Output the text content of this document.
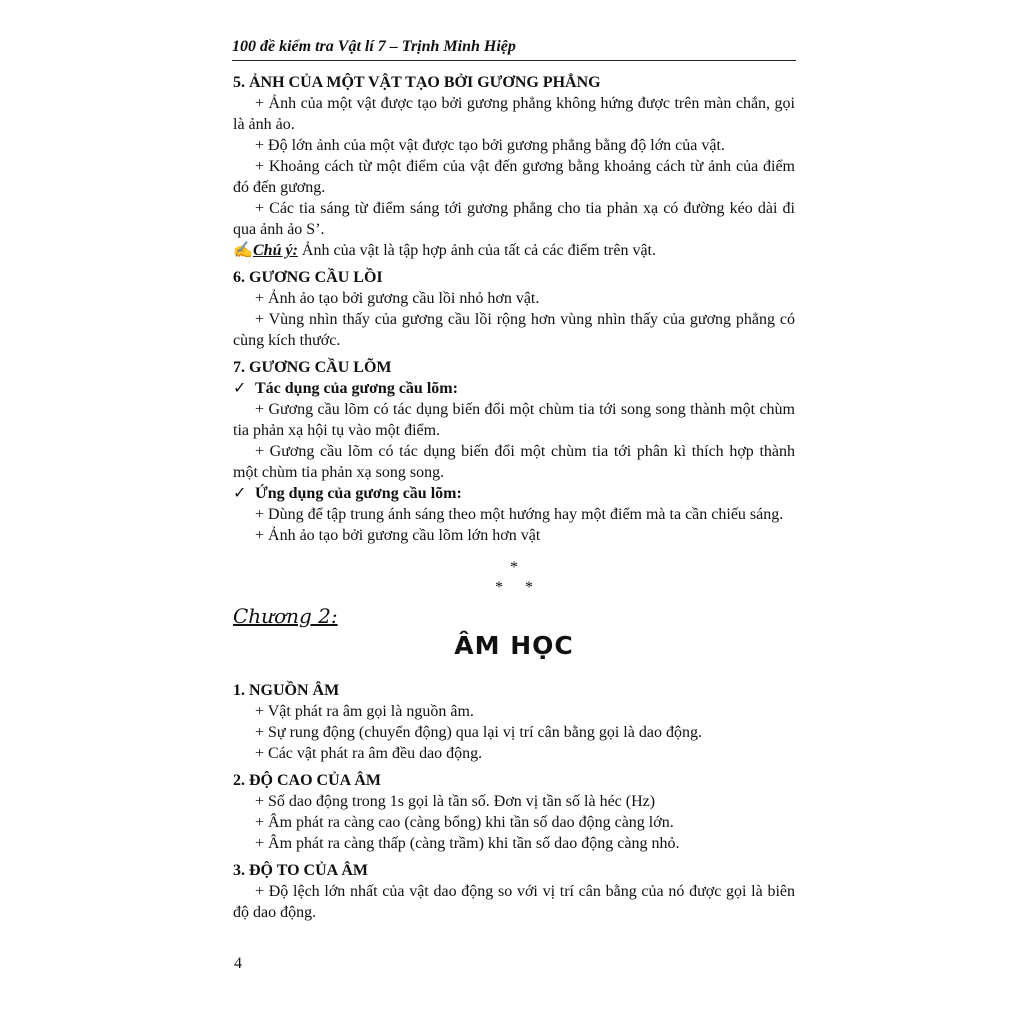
100 đề kiểm tra Vật lí 7 – Trịnh Minh Hiệp

5. ẢNH CỦA MỘT VẬT TẠO BỞI GƯƠNG PHẲNG

+ Ảnh của một vật được tạo bởi gương phẳng không hứng được trên màn chắn, gọi là ảnh ảo.

+ Độ lớn ảnh của một vật được tạo bởi gương phẳng bằng độ lớn của vật.

+ Khoảng cách từ một điểm của vật đến gương bằng khoảng cách từ ảnh của điểm đó đến gương.

+ Các tia sáng từ điểm sáng tới gương phẳng cho tia phản xạ có đường kéo dài đi qua ảnh ảo S’.

✍Chú ý: Ảnh của vật là tập hợp ảnh của tất cả các điểm trên vật.

6. GƯƠNG CẦU LỒI

+ Ảnh ảo tạo bởi gương cầu lồi nhỏ hơn vật.

+ Vùng nhìn thấy của gương cầu lồi rộng hơn vùng nhìn thấy của gương phẳng có cùng kích thước.

7. GƯƠNG CẦU LÕM

✓ Tác dụng của gương cầu lõm:

+ Gương cầu lõm có tác dụng biến đổi một chùm tia tới song song thành một chùm tia phản xạ hội tụ vào một điểm.

+ Gương cầu lõm có tác dụng biến đổi một chùm tia tới phân kì thích hợp thành một chùm tia phản xạ song song.

✓ Ứng dụng của gương cầu lõm:

+ Dùng để tập trung ánh sáng theo một hướng hay một điểm mà ta cần chiếu sáng.

+ Ảnh ảo tạo bởi gương cầu lõm lớn hơn vật

*
* *

Chương 2:

ÂM HỌC

1. NGUỒN ÂM

+ Vật phát ra âm gọi là nguồn âm.

+ Sự rung động (chuyển động) qua lại vị trí cân bằng gọi là dao động.

+ Các vật phát ra âm đều dao động.

2. ĐỘ CAO CỦA ÂM

+ Số dao động trong 1s gọi là tần số. Đơn vị tần số là héc (Hz)

+ Âm phát ra càng cao (càng bổng) khi tần số dao động càng lớn.

+ Âm phát ra càng thấp (càng trầm) khi tần số dao động càng nhỏ.

3. ĐỘ TO CỦA ÂM

+ Độ lệch lớn nhất của vật dao động so với vị trí cân bằng của nó được gọi là biên độ dao động.

4
